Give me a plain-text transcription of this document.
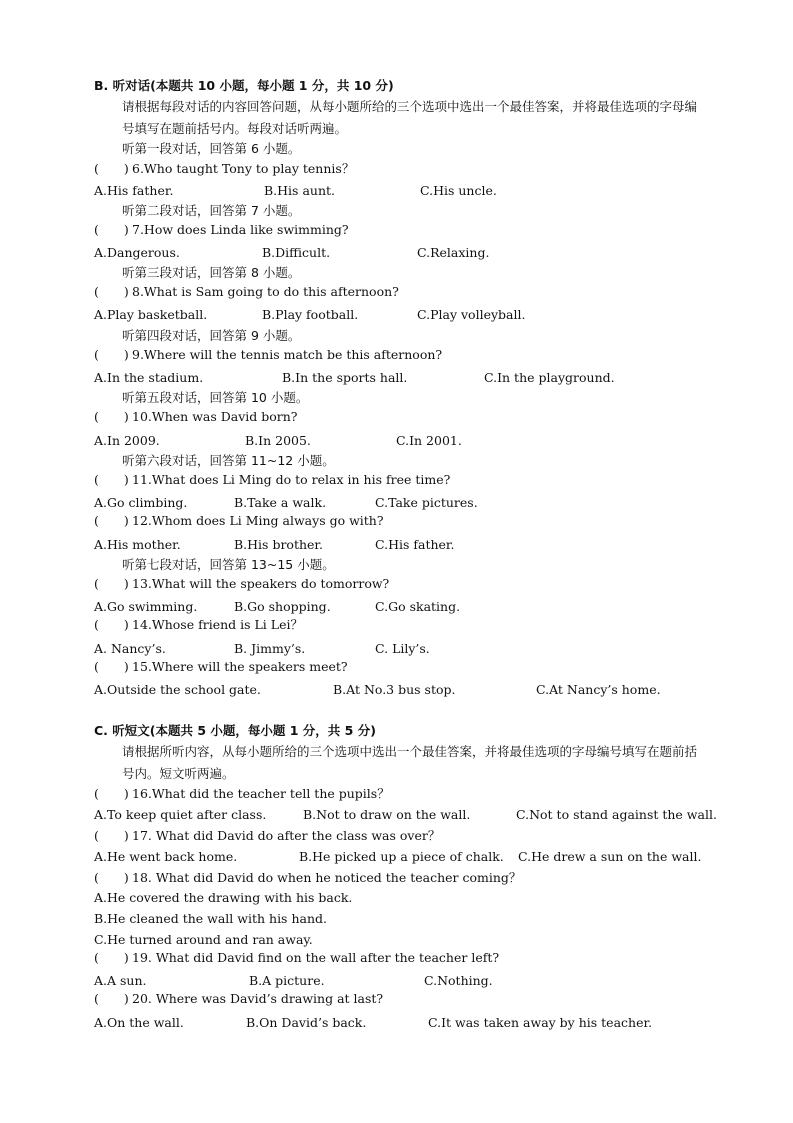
B. 听对话(本题共 10 小题，每小题 1 分，共 10 分)
请根据每段对话的内容回答问题，从每小题所给的三个选项中选出一个最佳答案，并将最佳选项的字母编号填写在题前括号内。每段对话听两遍。
听第一段对话，回答第 6 小题。
(　　) 6.Who taught Tony to play tennis？
A.His father.	B.His aunt.	C.His uncle.
听第二段对话，回答第 7 小题。
(　　) 7.How does Linda like swimming?
A.Dangerous.	B.Difficult.	C.Relaxing.
听第三段对话，回答第 8 小题。
(　　) 8.What is Sam going to do this afternoon?
A.Play basketball.	B.Play football.	C.Play volleyball.
听第四段对话，回答第 9 小题。
(　　) 9.Where will the tennis match be this afternoon?
A.In the stadium.	B.In the sports hall.	C.In the playground.
听第五段对话，回答第 10 小题。
(　　) 10.When was David born?
A.In 2009.	B.In 2005.	C.In 2001.
听第六段对话，回答第 11~12 小题。
(　　) 11.What does Li Ming do to relax in his free time?
A.Go climbing.	B.Take a walk.	C.Take pictures.
(　　) 12.Whom does Li Ming always go with?
A.His mother.	B.His brother.	C.His father.
听第七段对话，回答第 13~15 小题。
(　　) 13.What will the speakers do tomorrow?
A.Go swimming.	B.Go shopping.	C.Go skating.
(　　) 14.Whose friend is Li Lei？
A. Nancy’s.	B. Jimmy’s.	C. Lily’s.
(　　) 15.Where will the speakers meet?
A.Outside the school gate.	B.At No.3 bus stop.	C.At Nancy’s home.
C. 听短文(本题共 5 小题，每小题 1 分，共 5 分)
请根据所听内容，从每小题所给的三个选项中选出一个最佳答案，并将最佳选项的字母编号填写在题前括号内。短文听两遍。
(　　) 16.What did the teacher tell the pupils？
A.To keep quiet after class.	B.Not to draw on the wall.	C.Not to stand against the wall.
(　　) 17. What did David do after the class was over？
A.He went back home.	B.He picked up a piece of chalk. C.He drew a sun on the wall.
(　　) 18. What did David do when he noticed the teacher coming？
A.He covered the drawing with his back.
B.He cleaned the wall with his hand.
C.He turned around and ran away.
(　　) 19. What did David find on the wall after the teacher left?
A.A sun.	B.A picture.	C.Nothing.
(　　) 20. Where was David’s drawing at last?
A.On the wall.	B.On David’s back.	C.It was taken away by his teacher.
